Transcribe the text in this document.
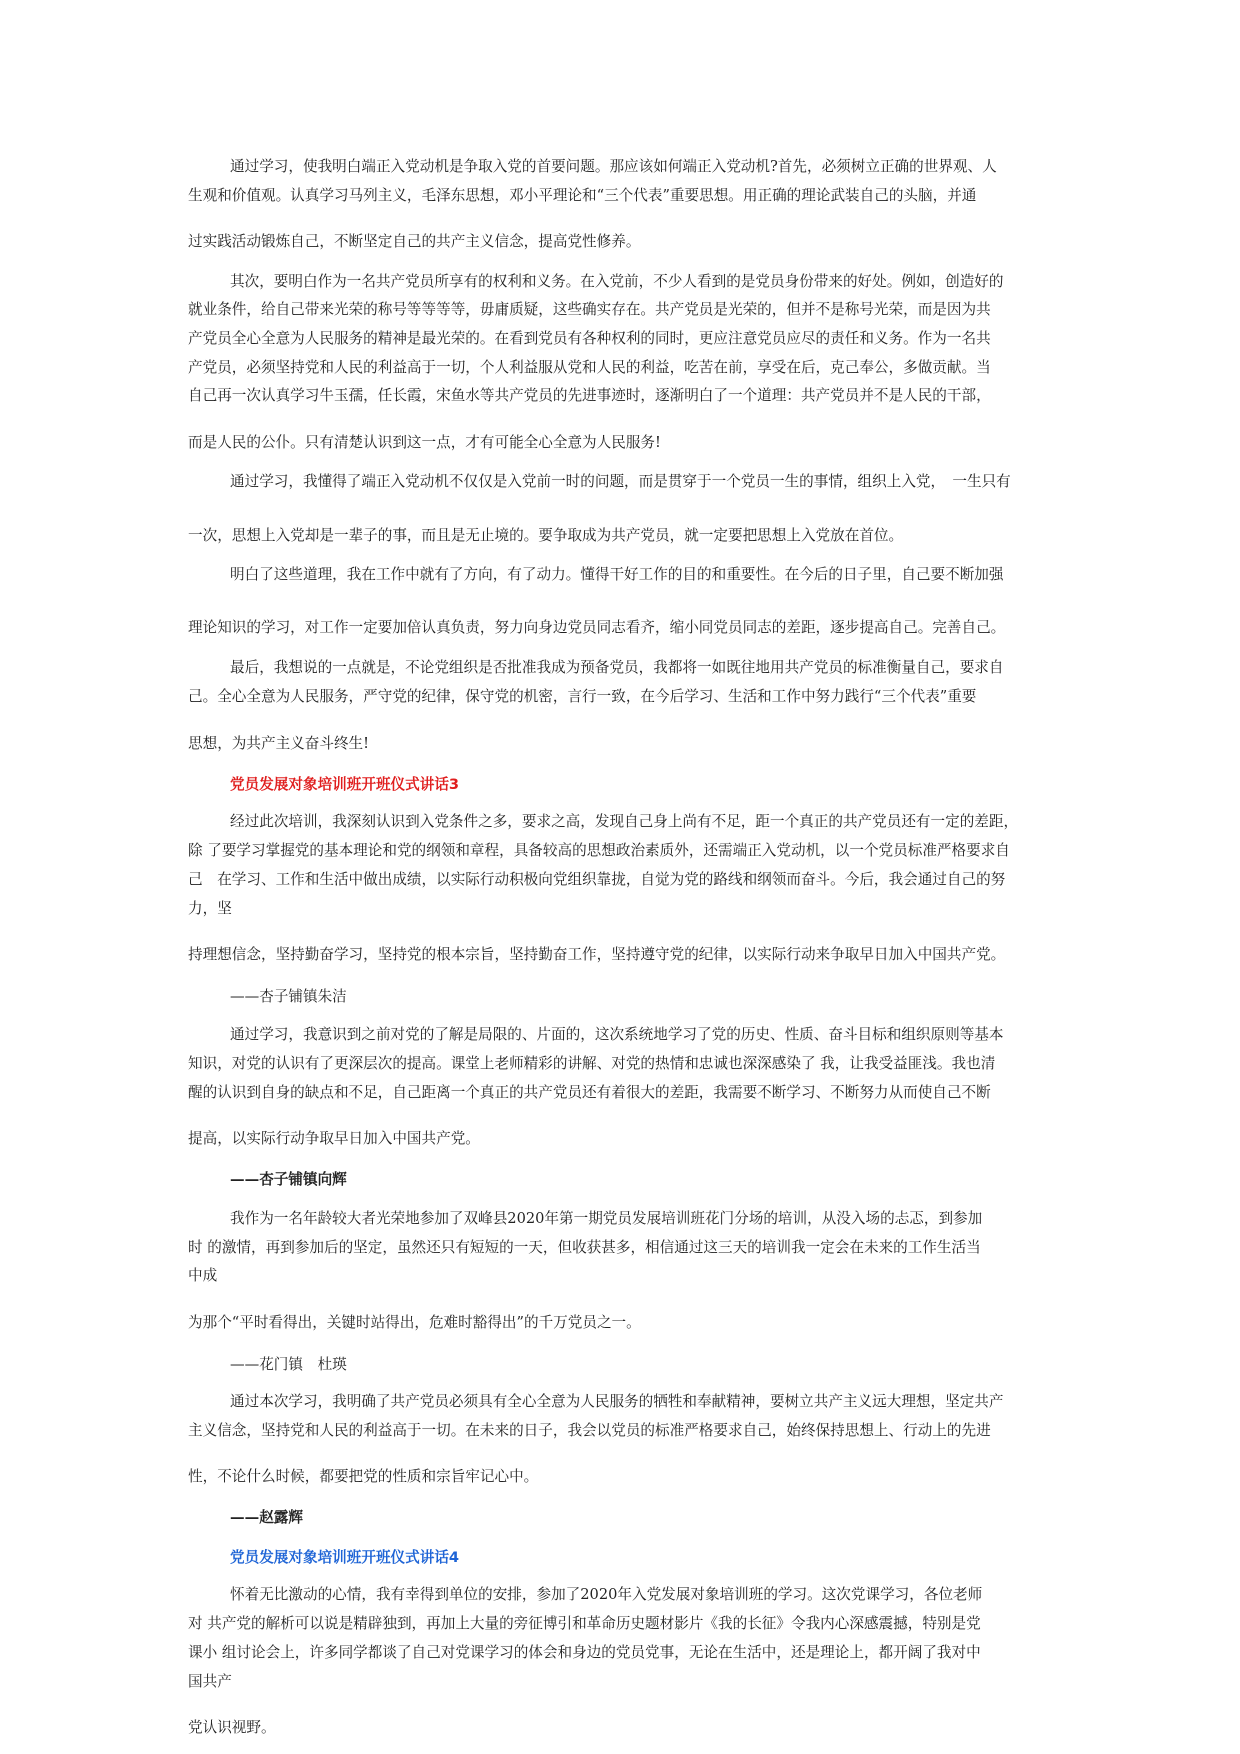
通过学习，使我明白端正入党动机是争取入党的首要问题。那应该如何端正入党动机?首先，必须树立正确的世界观、人
生观和价值观。认真学习马列主义，毛泽东思想，邓小平理论和“三个代表”重要思想。用正确的理论武装自己的头脑，并通
过实践活动锻炼自己，不断坚定自己的共产主义信念，提高党性修养。
其次，要明白作为一名共产党员所享有的权利和义务。在入党前，不少人看到的是党员身份带来的好处。例如，创造好的
就业条件，给自己带来光荣的称号等等等等，毋庸质疑，这些确实存在。共产党员是光荣的，但并不是称号光荣，而是因为共
产党员全心全意为人民服务的精神是最光荣的。在看到党员有各种权利的同时，更应注意党员应尽的责任和义务。作为一名共
产党员，必须坚持党和人民的利益高于一切，个人利益服从党和人民的利益，吃苦在前，享受在后，克己奉公，多做贡献。当
自己再一次认真学习牛玉孺，任长霞，宋鱼水等共产党员的先进事迹时，逐渐明白了一个道理：共产党员并不是人民的干部，
而是人民的公仆。只有清楚认识到这一点，才有可能全心全意为人民服务!
通过学习，我懂得了端正入党动机不仅仅是入党前一时的问题，而是贯穿于一个党员一生的事情，组织上入党，　一生只有
一次，思想上入党却是一辈子的事，而且是无止境的。要争取成为共产党员，就一定要把思想上入党放在首位。
明白了这些道理，我在工作中就有了方向，有了动力。懂得干好工作的目的和重要性。在今后的日子里，自己要不断加强
理论知识的学习，对工作一定要加倍认真负责，努力向身边党员同志看齐，缩小同党员同志的差距，逐步提高自己。完善自己。
最后，我想说的一点就是，不论党组织是否批准我成为预备党员，我都将一如既往地用共产党员的标准衡量自己，要求自
己。全心全意为人民服务，严守党的纪律，保守党的机密，言行一致，在今后学习、生活和工作中努力践行“三个代表”重要
思想，为共产主义奋斗终生!
党员发展对象培训班开班仪式讲话3
经过此次培训，我深刻认识到入党条件之多，要求之高，发现自己身上尚有不足，距一个真正的共产党员还有一定的差距，
除 了要学习掌握党的基本理论和党的纲领和章程，具备较高的思想政治素质外，还需端正入党动机，以一个党员标准严格要求自
己　在学习、工作和生活中做出成绩，以实际行动积极向党组织靠拢，自觉为党的路线和纲领而奋斗。今后，我会通过自己的努
力，坚
持理想信念，坚持勤奋学习，坚持党的根本宗旨，坚持勤奋工作，坚持遵守党的纪律，以实际行动来争取早日加入中国共产党。
——杏子铺镇朱洁
通过学习，我意识到之前对党的了解是局限的、片面的，这次系统地学习了党的历史、性质、奋斗目标和组织原则等基本
知识，对党的认识有了更深层次的提高。课堂上老师精彩的讲解、对党的热情和忠诚也深深感染了 我，让我受益匪浅。我也清
醒的认识到自身的缺点和不足，自己距离一个真正的共产党员还有着很大的差距，我需要不断学习、不断努力从而使自己不断
提高，以实际行动争取早日加入中国共产党。
——杏子铺镇向辉
我作为一名年龄较大者光荣地参加了双峰县2020年第一期党员发展培训班花门分场的培训，从没入场的忐忑，到参加
时 的激情，再到参加后的坚定，虽然还只有短短的一天，但收获甚多，相信通过这三天的培训我一定会在未来的工作生活当
中成
为那个“平时看得出，关键时站得出，危难时豁得出”的千万党员之一。
——花门镇　杜瑛
通过本次学习，我明确了共产党员必须具有全心全意为人民服务的牺牲和奉献精神，要树立共产主义远大理想，坚定共产
主义信念，坚持党和人民的利益高于一切。在未来的日子，我会以党员的标准严格要求自己，始终保持思想上、行动上的先进
性，不论什么时候，都要把党的性质和宗旨牢记心中。
——赵露辉
党员发展对象培训班开班仪式讲话4
怀着无比激动的心情，我有幸得到单位的安排，参加了2020年入党发展对象培训班的学习。这次党课学习，各位老师
对 共产党的解析可以说是精辟独到，再加上大量的旁征博引和革命历史题材影片《我的长征》令我内心深感震撼，特别是党
课小 组讨论会上，许多同学都谈了自己对党课学习的体会和身边的党员党事，无论在生活中，还是理论上，都开阔了我对中
国共产
党认识视野。
